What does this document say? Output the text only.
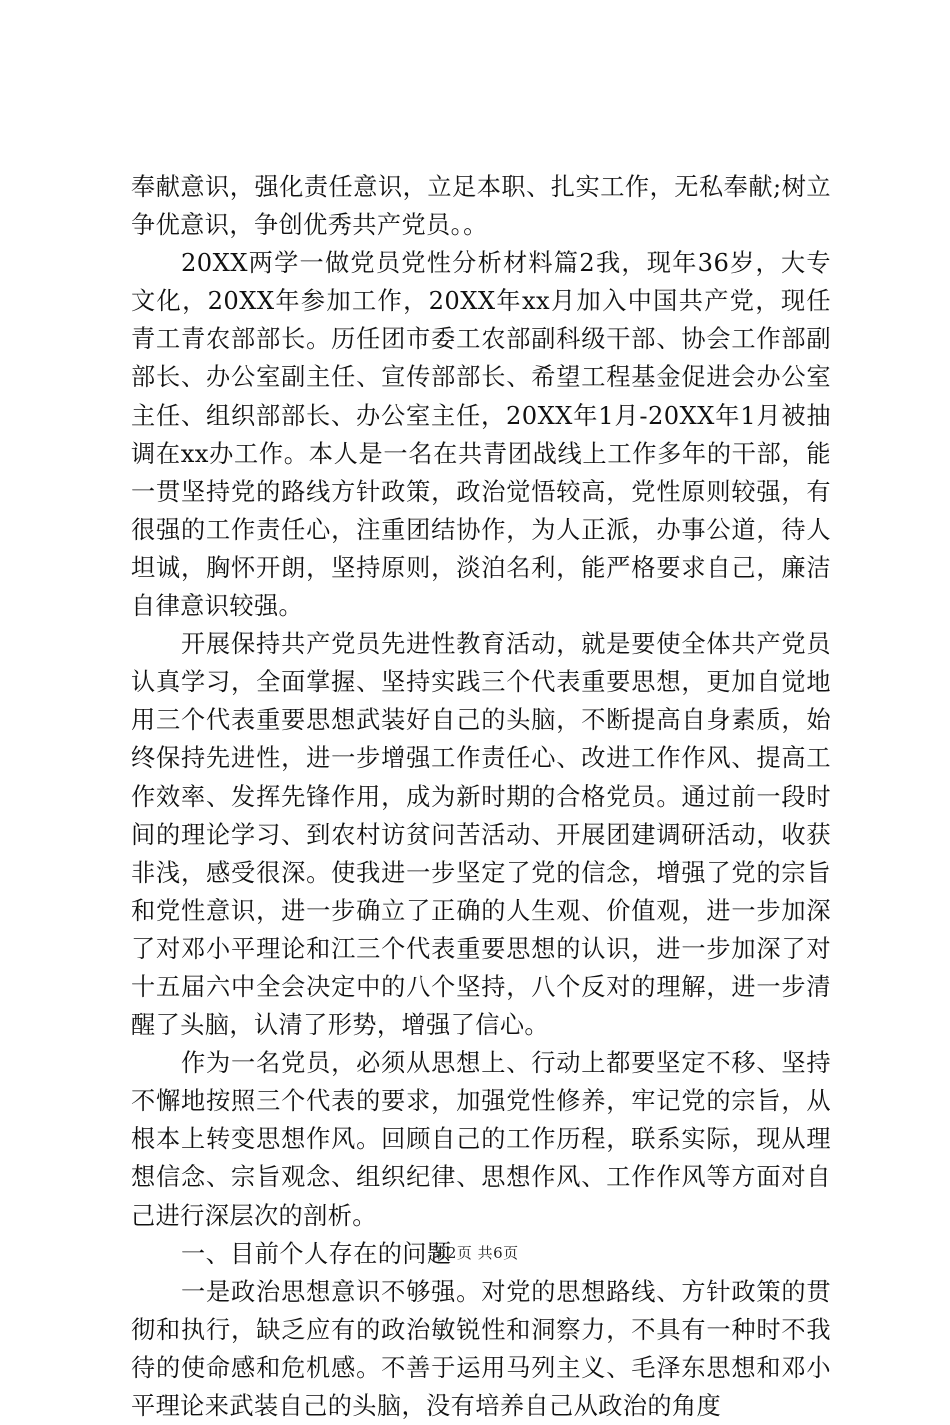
奉献意识，强化责任意识，立足本职、扎实工作，无私奉献;树立争优意识，争创优秀共产党员。。

20XX两学一做党员党性分析材料篇2我，现年36岁，大专文化，20XX年参加工作，20XX年xx月加入中国共产党，现任青工青农部部长。历任团市委工农部副科级干部、协会工作部副部长、办公室副主任、宣传部部长、希望工程基金促进会办公室主任、组织部部长、办公室主任，20XX年1月-20XX年1月被抽调在xx办工作。本人是一名在共青团战线上工作多年的干部，能一贯坚持党的路线方针政策，政治觉悟较高，党性原则较强，有很强的工作责任心，注重团结协作，为人正派，办事公道，待人坦诚，胸怀开朗，坚持原则，淡泊名利，能严格要求自己，廉洁自律意识较强。

开展保持共产党员先进性教育活动，就是要使全体共产党员认真学习，全面掌握、坚持实践三个代表重要思想，更加自觉地用三个代表重要思想武装好自己的头脑，不断提高自身素质，始终保持先进性，进一步增强工作责任心、改进工作作风、提高工作效率、发挥先锋作用，成为新时期的合格党员。通过前一段时间的理论学习、到农村访贫问苦活动、开展团建调研活动，收获非浅，感受很深。使我进一步坚定了党的信念，增强了党的宗旨和党性意识，进一步确立了正确的人生观、价值观，进一步加深了对邓小平理论和江三个代表重要思想的认识，进一步加深了对十五届六中全会决定中的八个坚持，八个反对的理解，进一步清醒了头脑，认清了形势，增强了信心。

作为一名党员，必须从思想上、行动上都要坚定不移、坚持不懈地按照三个代表的要求，加强党性修养，牢记党的宗旨，从根本上转变思想作风。回顾自己的工作历程，联系实际，现从理想信念、宗旨观念、组织纪律、思想作风、工作作风等方面对自己进行深层次的剖析。

一、目前个人存在的问题

一是政治思想意识不够强。对党的思想路线、方针政策的贯彻和执行，缺乏应有的政治敏锐性和洞察力，不具有一种时不我待的使命感和危机感。不善于运用马列主义、毛泽东思想和邓小平理论来武装自己的头脑，没有培养自己从政治的角度

第2页 共6页
